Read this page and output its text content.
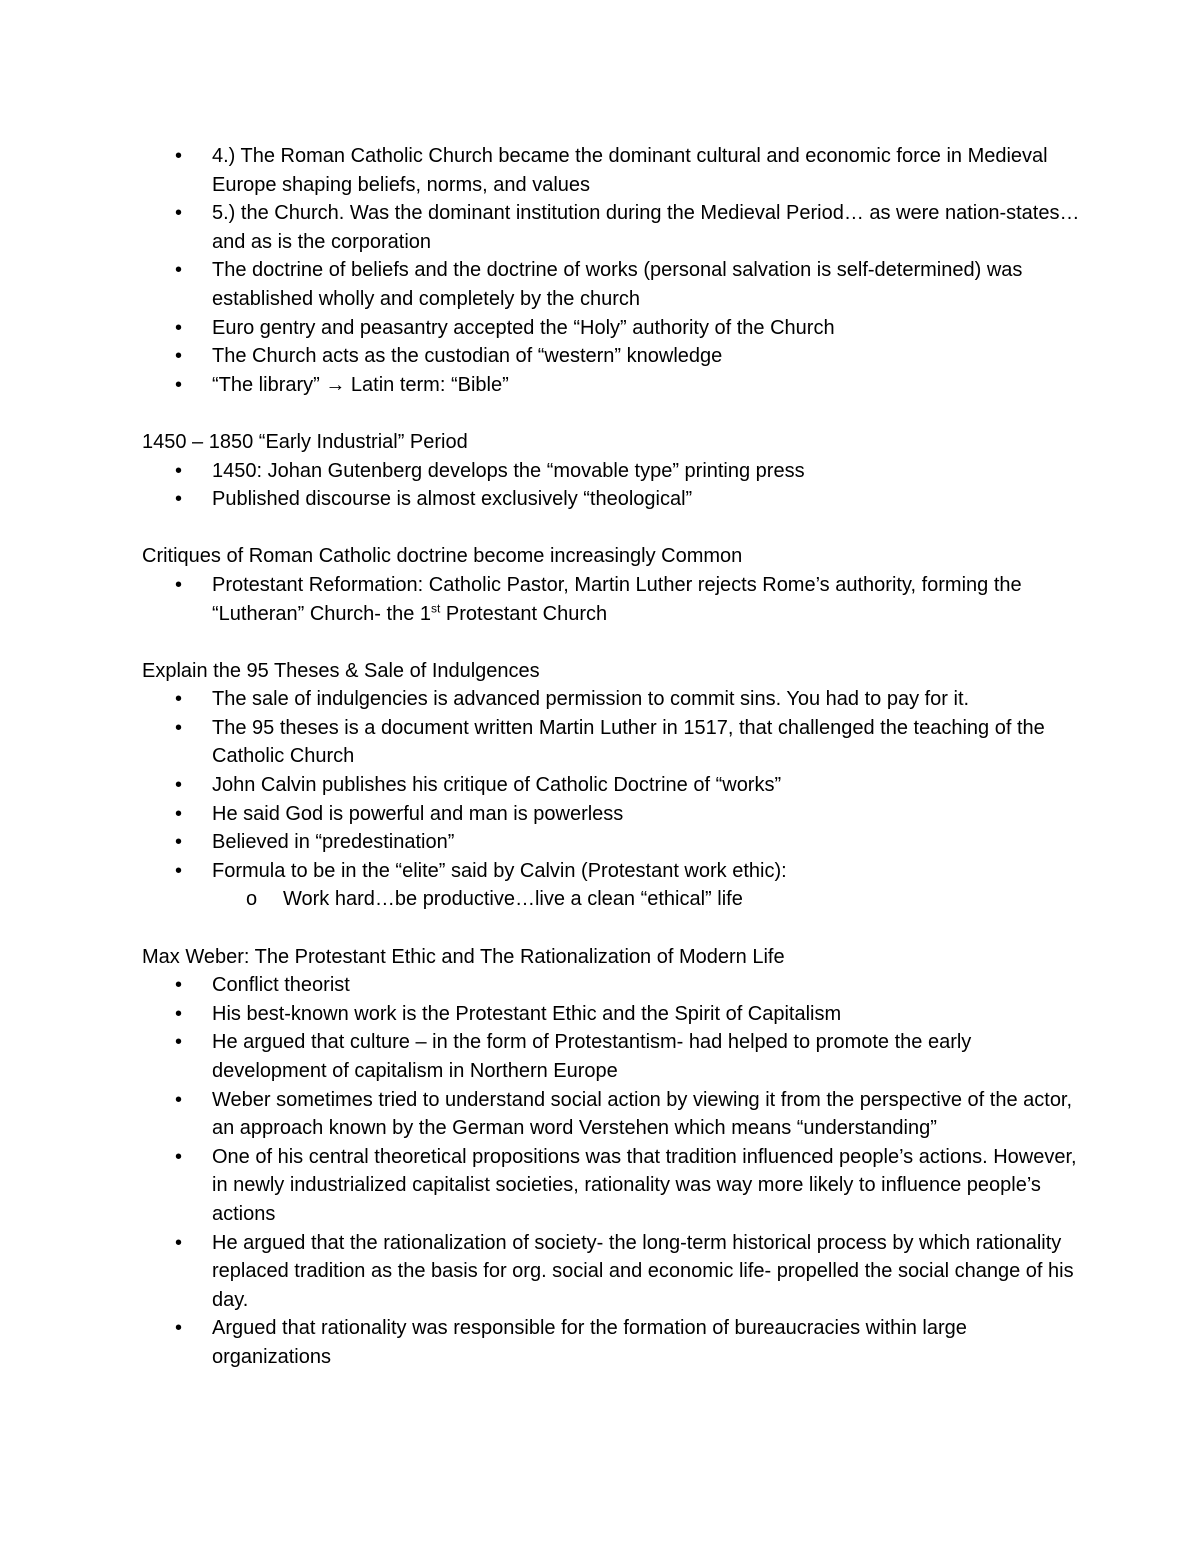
• 4.) The Roman Catholic Church became the dominant cultural and economic force in Medieval Europe shaping beliefs, norms, and values
• 5.) the Church. Was the dominant institution during the Medieval Period… as were nation-states… and as is the corporation
• The doctrine of beliefs and the doctrine of works (personal salvation is self-determined) was established wholly and completely by the church
• Euro gentry and peasantry accepted the “Holy” authority of the Church
• The Church acts as the custodian of “western” knowledge
• “The library” → Latin term: “Bible”

1450 – 1850 “Early Industrial” Period

• 1450: Johan Gutenberg develops the “movable type” printing press
• Published discourse is almost exclusively “theological”

Critiques of Roman Catholic doctrine become increasingly Common

• Protestant Reformation: Catholic Pastor, Martin Luther rejects Rome’s authority, forming the “Lutheran” Church- the 1st Protestant Church

Explain the 95 Theses & Sale of Indulgences

• The sale of indulgencies is advanced permission to commit sins. You had to pay for it.
• The 95 theses is a document written Martin Luther in 1517, that challenged the teaching of the Catholic Church
• John Calvin publishes his critique of Catholic Doctrine of “works”
• He said God is powerful and man is powerless
• Believed in “predestination”
• Formula to be in the “elite” said by Calvin (Protestant work ethic):
o Work hard…be productive…live a clean “ethical” life

Max Weber: The Protestant Ethic and The Rationalization of Modern Life

• Conflict theorist
• His best-known work is the Protestant Ethic and the Spirit of Capitalism
• He argued that culture – in the form of Protestantism- had helped to promote the early development of capitalism in Northern Europe
• Weber sometimes tried to understand social action by viewing it from the perspective of the actor, an approach known by the German word Verstehen which means “understanding”
• One of his central theoretical propositions was that tradition influenced people’s actions. However, in newly industrialized capitalist societies, rationality was way more likely to influence people’s actions
• He argued that the rationalization of society- the long-term historical process by which rationality replaced tradition as the basis for org. social and economic life- propelled the social change of his day.
• Argued that rationality was responsible for the formation of bureaucracies within large organizations
